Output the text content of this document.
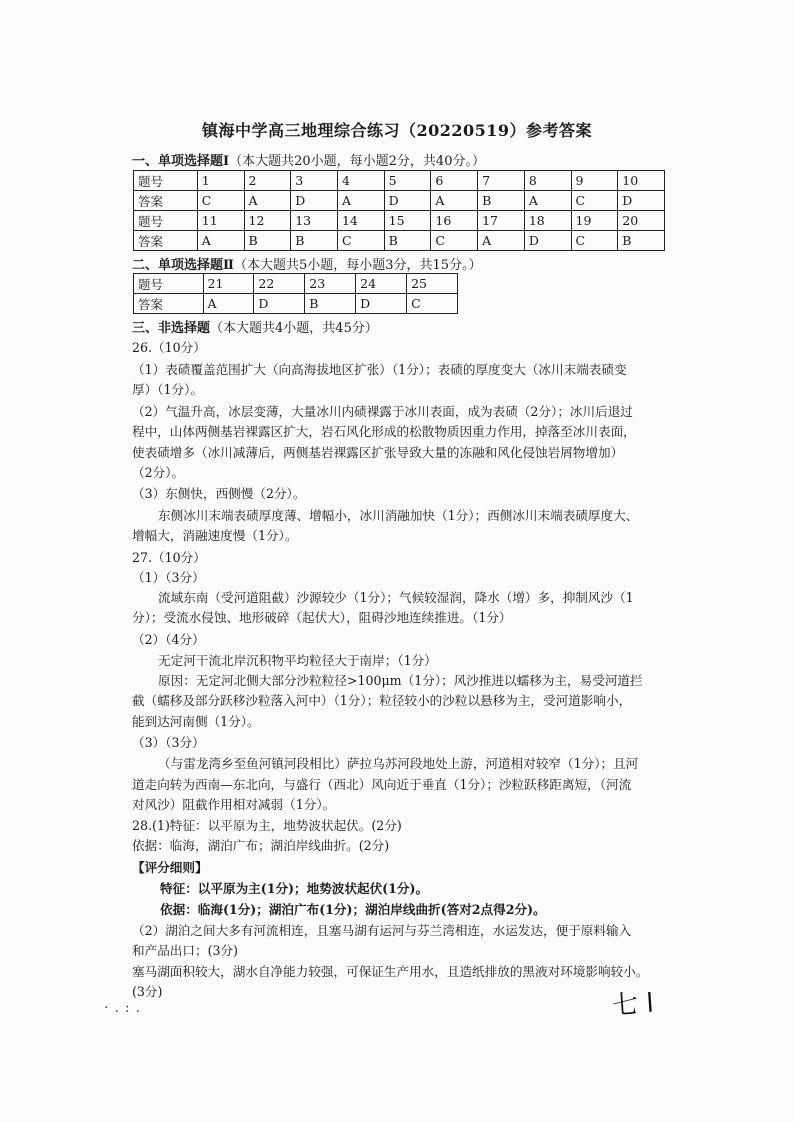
镇海中学高三地理综合练习（20220519）参考答案
一、单项选择题Ⅰ（本大题共20小题，每小题2分，共40分。）
题号	1	2	3	4	5	6	7	8	9	10
答案	C	A	D	A	D	A	B	A	C	D
题号	11	12	13	14	15	16	17	18	19	20
答案	A	B	B	C	B	C	A	D	C	B
二、单项选择题Ⅱ（本大题共5小题，每小题3分，共15分。）
题号	21	22	23	24	25
答案	A	D	B	D	C
三、非选择题（本大题共4小题，共45分）
26.（10分）
（1）表碛覆盖范围扩大（向高海拔地区扩张）（1分）；表碛的厚度变大（冰川末端表碛变
厚）（1分）。
（2）气温升高，冰层变薄，大量冰川内碛裸露于冰川表面，成为表碛（2分）；冰川后退过
程中，山体两侧基岩裸露区扩大，岩石风化形成的松散物质因重力作用，掉落至冰川表面，
使表碛增多（冰川减薄后，两侧基岩裸露区扩张导致大量的冻融和风化侵蚀岩屑物增加）
（2分）。
（3）东侧快，西侧慢（2分）。
东侧冰川末端表碛厚度薄、增幅小，冰川消融加快（1分）；西侧冰川末端表碛厚度大、
增幅大，消融速度慢（1分）。
27.（10分）
（1）（3分）
流域东南（受河道阻截）沙源较少（1分）；气候较湿润，降水（增）多，抑制风沙（1
分）；受流水侵蚀、地形破碎（起伏大），阻碍沙地连续推进。（1分）
（2）（4分）
无定河干流北岸沉积物平均粒径大于南岸；（1分）
原因：无定河北侧大部分沙粒粒径>100μm（1分）；风沙推进以蠕移为主，易受河道拦
截（蠕移及部分跃移沙粒落入河中）（1分）；粒径较小的沙粒以悬移为主，受河道影响小，
能到达河南侧（1分）。
（3）（3分）
（与雷龙湾乡至鱼河镇河段相比）萨拉乌苏河段地处上游，河道相对较窄（1分）；且河
道走向转为西南—东北向，与盛行（西北）风向近于垂直（1分）；沙粒跃移距离短，（河流
对风沙）阻截作用相对减弱（1分）。
28.(1)特征：以平原为主，地势波状起伏。(2分)
依据：临海，湖泊广布；湖泊岸线曲折。(2分)
【评分细则】
特征：以平原为主(1分)；地势波状起伏(1分)。
依据：临海(1分)；湖泊广布(1分)；湖泊岸线曲折(答对2点得2分)。
（2）湖泊之间大多有河流相连，且塞马湖有运河与芬兰湾相连，水运发达，便于原料输入
和产品出口；(3分)
塞马湖面积较大，湖水自净能力较强，可保证生产用水，且造纸排放的黑液对环境影响较小。
(3分)
·.:.	七 l
